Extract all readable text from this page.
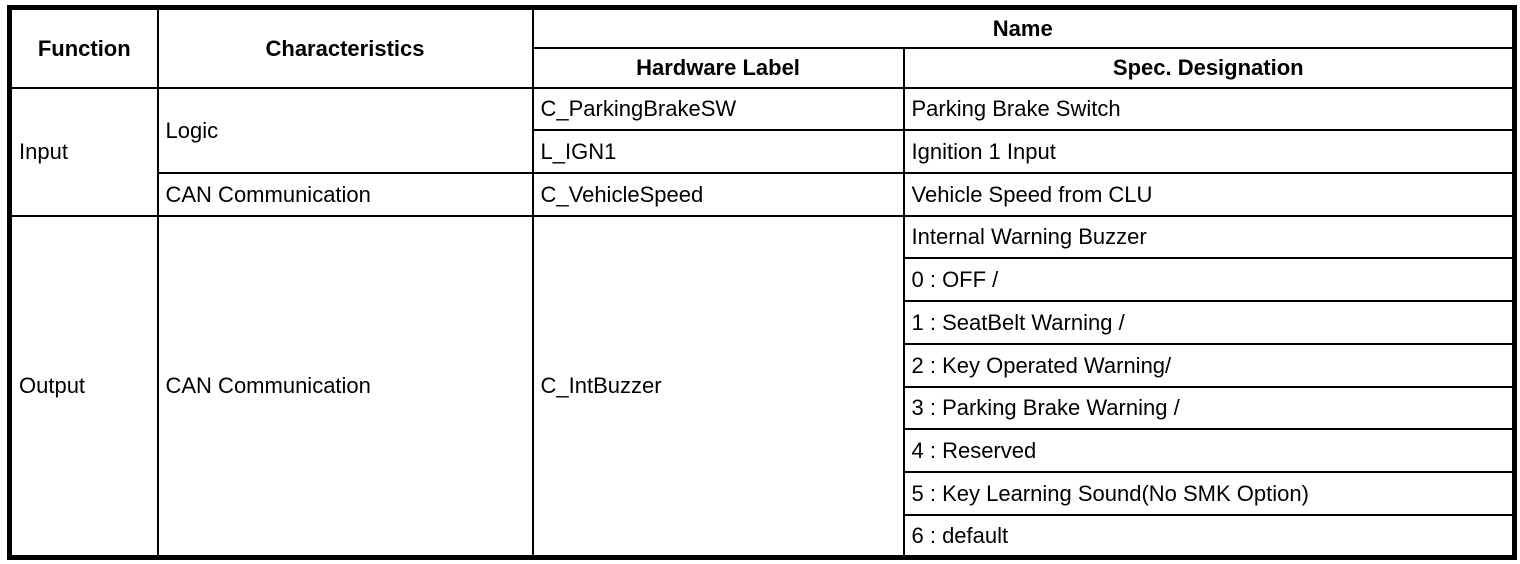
Function	Characteristics	Name	
		Hardware Label	Spec. Designation
Input	Logic	C_ParkingBrakeSW	Parking Brake Switch
		L_IGN1	Ignition 1 Input
	CAN Communication	C_VehicleSpeed	Vehicle Speed from CLU
Output	CAN Communication	C_IntBuzzer	Internal Warning Buzzer
			0 : OFF /
			1 : SeatBelt Warning /
			2 : Key Operated Warning/
			3 : Parking Brake Warning /
			4 : Reserved
			5 : Key Learning Sound(No SMK Option)
			6 : default
